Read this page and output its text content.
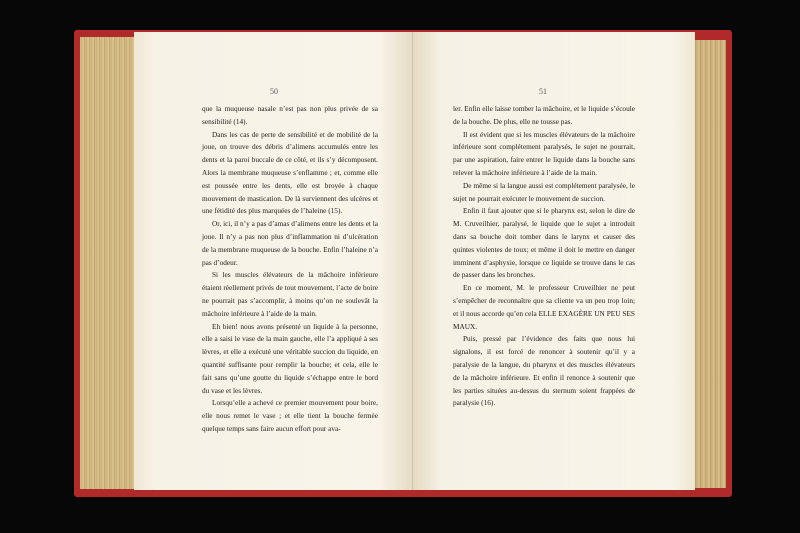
50

que la muqueuse nasale n’est pas non plus privée de sa sensibilité (14).

Dans les cas de perte de sensibilité et de mobilité de la joue, on trouve des débris d’alimens accumulés entre les dents et la paroi buccale de ce côté, et ils s’y décomposent. Alors la membrane muqueuse s’enflamme ; et, comme elle est poussée entre les dents, elle est broyée à chaque mouvement de mastication. De là surviennent des ulcères et une fétidité des plus marquées de l’haleine (15).

Or, ici, il n’y a pas d’amas d’alimens entre les dents et la joue. Il n’y a pas non plus d’inflammation ni d’ulcération de la membrane muqueuse de la bouche. Enfin l’haleine n’a pas d’odeur.

Si les muscles élévateurs de la mâchoire inférieure étaient réellement privés de tout mouvement, l’acte de boire ne pourrait pas s’accomplir, à moins qu’on ne soulevât la mâchoire inférieure à l’aide de la main.

Eh bien! nous avons présenté un liquide à la personne, elle a saisi le vase de la main gauche, elle l’a appliqué à ses lèvres, et elle a exécuté une véritable succion du liquide, en quantité suffisante pour remplir la bouche; et cela, elle le fait sans qu’une goutte du liquide s’échappe entre le bord du vase et les lèvres.

Lorsqu’elle a achevé ce premier mouvement pour boire, elle nous remet le vase ; et elle tient la bouche fermée quelque temps sans faire aucun effort pour ava-

51

ler. Enfin elle laisse tomber la mâchoire, et le liquide s’écoule de la bouche. De plus, elle ne tousse pas.

Il est évident que si les muscles élévateurs de la mâchoire inférieure sont complétement paralysés, le sujet ne pourrait, par une aspiration, faire entrer le liquide dans la bouche sans relever la mâchoire inférieure à l’aide de la main.

De même si la langue aussi est complétement paralysée, le sujet ne pourrait exécuter le mouvement de succion.

Enfin il faut ajouter que si le pharynx est, selon le dire de M. Cruveilhier, paralysé, le liquide que le sujet a introduit dans sa bouche doit tomber dans le larynx et causer des quintes violentes de toux; et même il doit le mettre en danger imminent d’asphyxie, lorsque ce liquide se trouve dans le cas de passer dans les bronches.

En ce moment, M. le professeur Cruveilhier ne peut s’empêcher de reconnaître que sa cliente va un peu trop loin; et il nous accorde qu’en cela ELLE EXAGÈRE UN PEU SES MAUX.

Puis, pressé par l’évidence des faits que nous lui signalons, il est forcé de renoncer à soutenir qu’il y a paralysie de la langue, du pharynx et des muscles élévateurs de la mâchoire inférieure. Et enfin il renonce à soutenir que les parties situées au-dessus du sternum soient frappées de paralysie (16).
